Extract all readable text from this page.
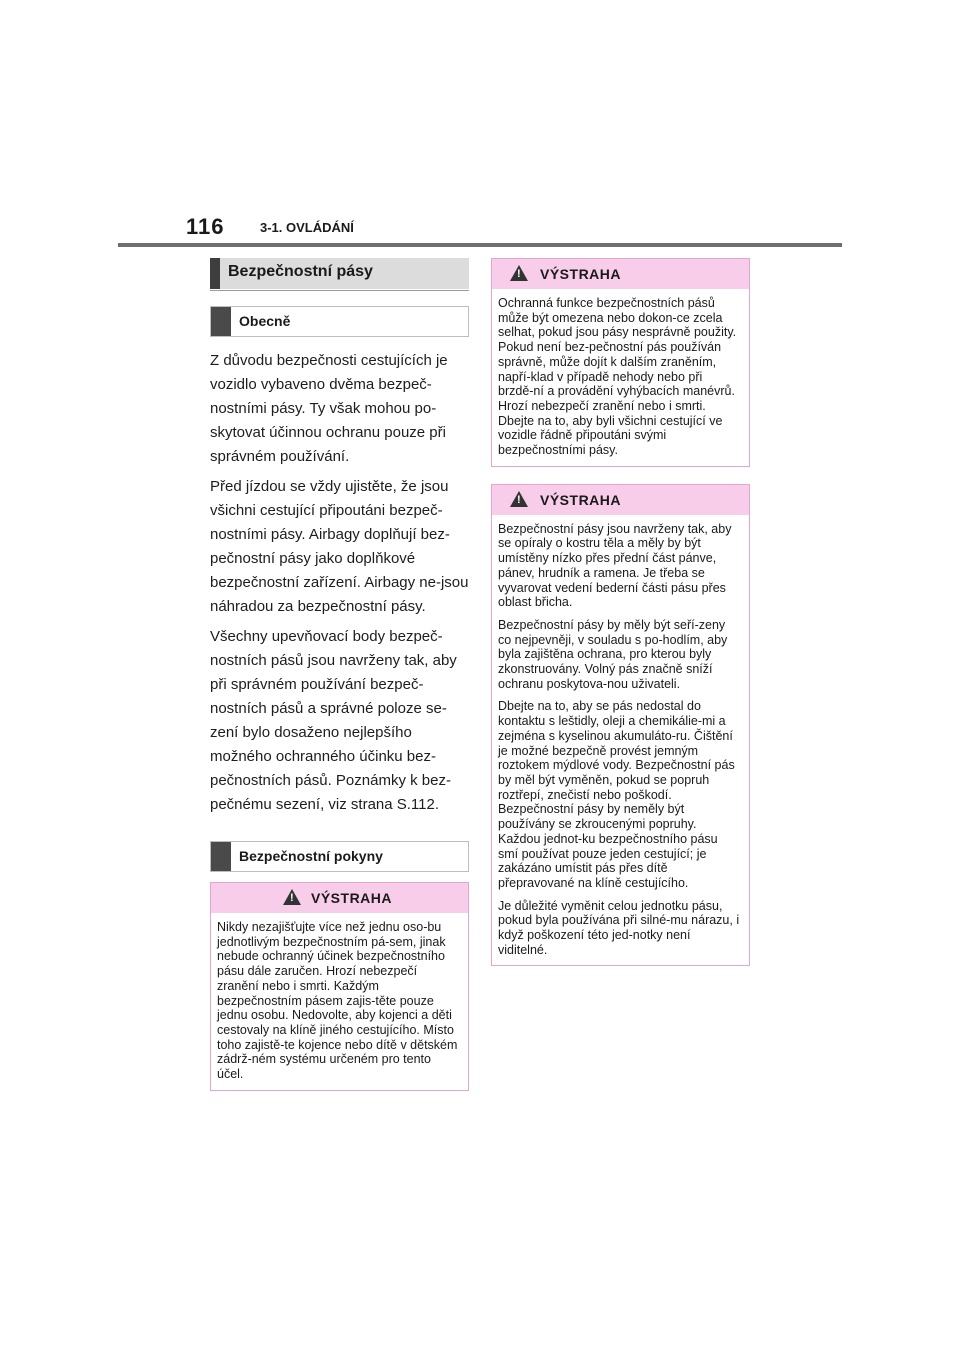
116	3-1. OVLÁDÁNÍ
Bezpečnostní pásy
Obecně

Z důvodu bezpečnosti cestujících je vozidlo vybaveno dvěma bezpeč-nostními pásy. Ty však mohou po-skytovat účinnou ochranu pouze při správném používání.

Před jízdou se vždy ujistěte, že jsou všichni cestující připoutáni bezpeč-nostními pásy. Airbagy doplňují bez-pečnostní pásy jako doplňkové bezpečnostní zařízení. Airbagy ne-jsou náhradou za bezpečnostní pásy.

Všechny upevňovací body bezpeč-nostních pásů jsou navrženy tak, aby při správném používání bezpeč-nostních pásů a správné poloze se-zení bylo dosaženo nejlepšího možného ochranného účinku bez-pečnostních pásů. Poznámky k bez-pečnému sezení, viz strana S.112.

Bezpečnostní pokyny
!
VÝSTRAHA

Nikdy nezajišťujte více než jednu oso-bu jednotlivým bezpečnostním pá-sem, jinak nebude ochranný účinek bezpečnostního pásu dále zaručen. Hrozí nebezpečí zranění nebo i smrti. Každým bezpečnostním pásem zajis-těte pouze jednu osobu. Nedovolte, aby kojenci a děti cestovaly na klíně jiného cestujícího. Místo toho zajistě-te kojence nebo dítě v dětském zádrž-ném systému určeném pro tento účel.

!
VÝSTRAHA

Ochranná funkce bezpečnostních pásů může být omezena nebo dokon-ce zcela selhat, pokud jsou pásy nesprávně použity. Pokud není bez-pečnostní pás používán správně, může dojít k dalším zraněním, napří-klad v případě nehody nebo při brzdě-ní a provádění vyhýbacích manévrů. Hrozí nebezpečí zranění nebo i smrti. Dbejte na to, aby byli všichni cestující ve vozidle řádně připoutáni svými bezpečnostními pásy.

!
VÝSTRAHA

Bezpečnostní pásy jsou navrženy tak, aby se opíraly o kostru těla a měly by být umístěny nízko přes přední část pánve, pánev, hrudník a ramena. Je třeba se vyvarovat vedení bederní části pásu přes oblast břicha.

Bezpečnostní pásy by měly být seří-zeny co nejpevněji, v souladu s po-hodlím, aby byla zajištěna ochrana, pro kterou byly zkonstruovány. Volný pás značně sníží ochranu poskytova-nou uživateli.

Dbejte na to, aby se pás nedostal do kontaktu s leštidly, oleji a chemikálie-mi a zejména s kyselinou akumuláto-ru. Čištění je možné bezpečně provést jemným roztokem mýdlové vody. Bezpečnostní pás by měl být vyměněn, pokud se popruh roztřepí, znečistí nebo poškodí. Bezpečnostní pásy by neměly být používány se zkroucenými popruhy. Každou jednot-ku bezpečnostního pásu smí používat pouze jeden cestující; je zakázáno umístit pás přes dítě přepravované na klíně cestujícího.

Je důležité vyměnit celou jednotku pásu, pokud byla používána při silné-mu nárazu, i když poškození této jed-notky není viditelné.
